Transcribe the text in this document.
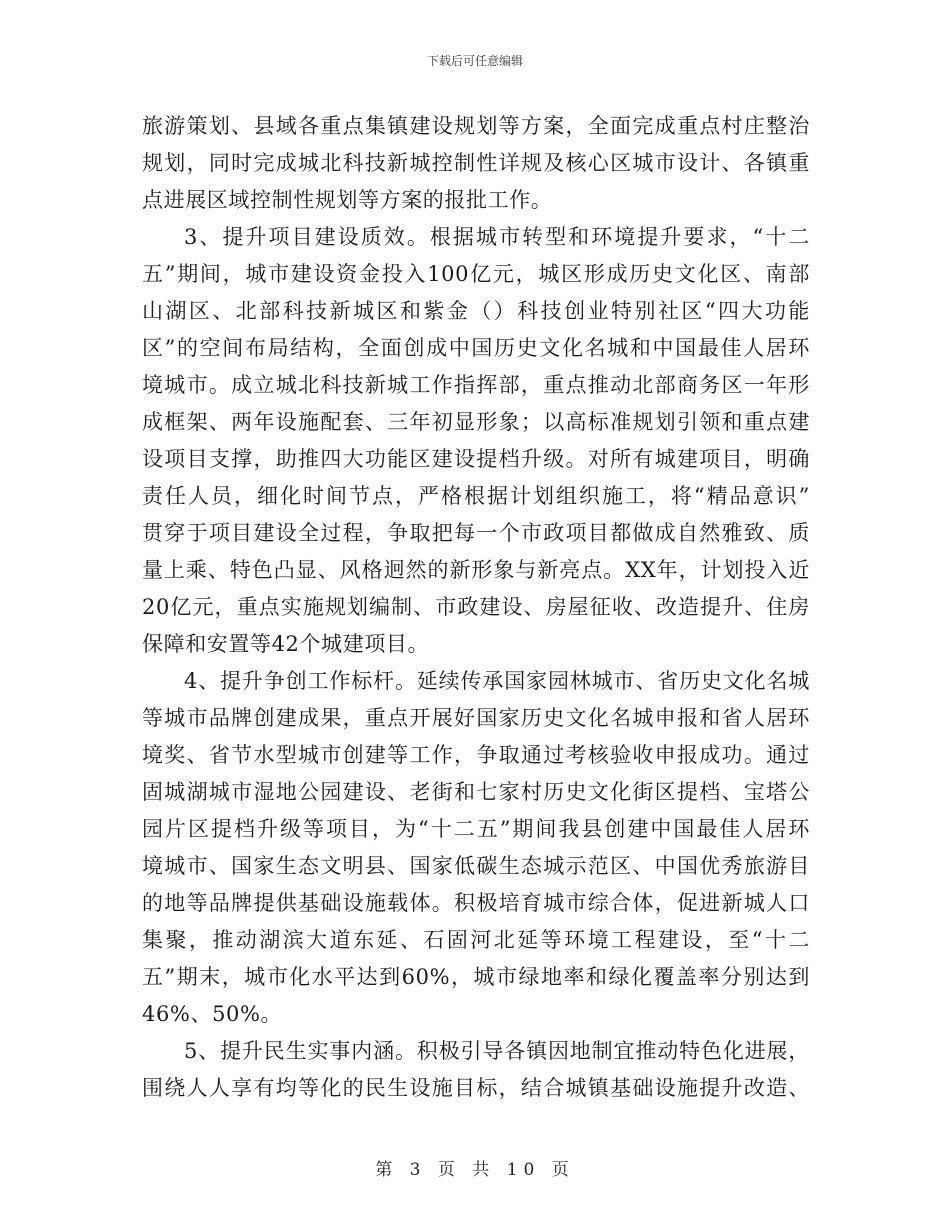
下载后可任意编辑
旅游策划、县域各重点集镇建设规划等方案，全面完成重点村庄整治
规划，同时完成城北科技新城控制性详规及核心区城市设计、各镇重
点进展区域控制性规划等方案的报批工作。
3、提升项目建设质效。根据城市转型和环境提升要求，“十二
五”期间，城市建设资金投入100亿元，城区形成历史文化区、南部
山湖区、北部科技新城区和紫金（）科技创业特别社区“四大功能
区”的空间布局结构，全面创成中国历史文化名城和中国最佳人居环
境城市。成立城北科技新城工作指挥部，重点推动北部商务区一年形
成框架、两年设施配套、三年初显形象；以高标准规划引领和重点建
设项目支撑，助推四大功能区建设提档升级。对所有城建项目，明确
责任人员，细化时间节点，严格根据计划组织施工，将“精品意识”
贯穿于项目建设全过程，争取把每一个市政项目都做成自然雅致、质
量上乘、特色凸显、风格迥然的新形象与新亮点。XX年，计划投入近
20亿元，重点实施规划编制、市政建设、房屋征收、改造提升、住房
保障和安置等42个城建项目。
4、提升争创工作标杆。延续传承国家园林城市、省历史文化名城
等城市品牌创建成果，重点开展好国家历史文化名城申报和省人居环
境奖、省节水型城市创建等工作，争取通过考核验收申报成功。通过
固城湖城市湿地公园建设、老街和七家村历史文化街区提档、宝塔公
园片区提档升级等项目，为“十二五”期间我县创建中国最佳人居环
境城市、国家生态文明县、国家低碳生态城示范区、中国优秀旅游目
的地等品牌提供基础设施载体。积极培育城市综合体，促进新城人口
集聚，推动湖滨大道东延、石固河北延等环境工程建设，至“十二
五”期末，城市化水平达到60%，城市绿地率和绿化覆盖率分别达到
46%、50%。
5、提升民生实事内涵。积极引导各镇因地制宜推动特色化进展，
围绕人人享有均等化的民生设施目标，结合城镇基础设施提升改造、
第 3 页 共 10 页
